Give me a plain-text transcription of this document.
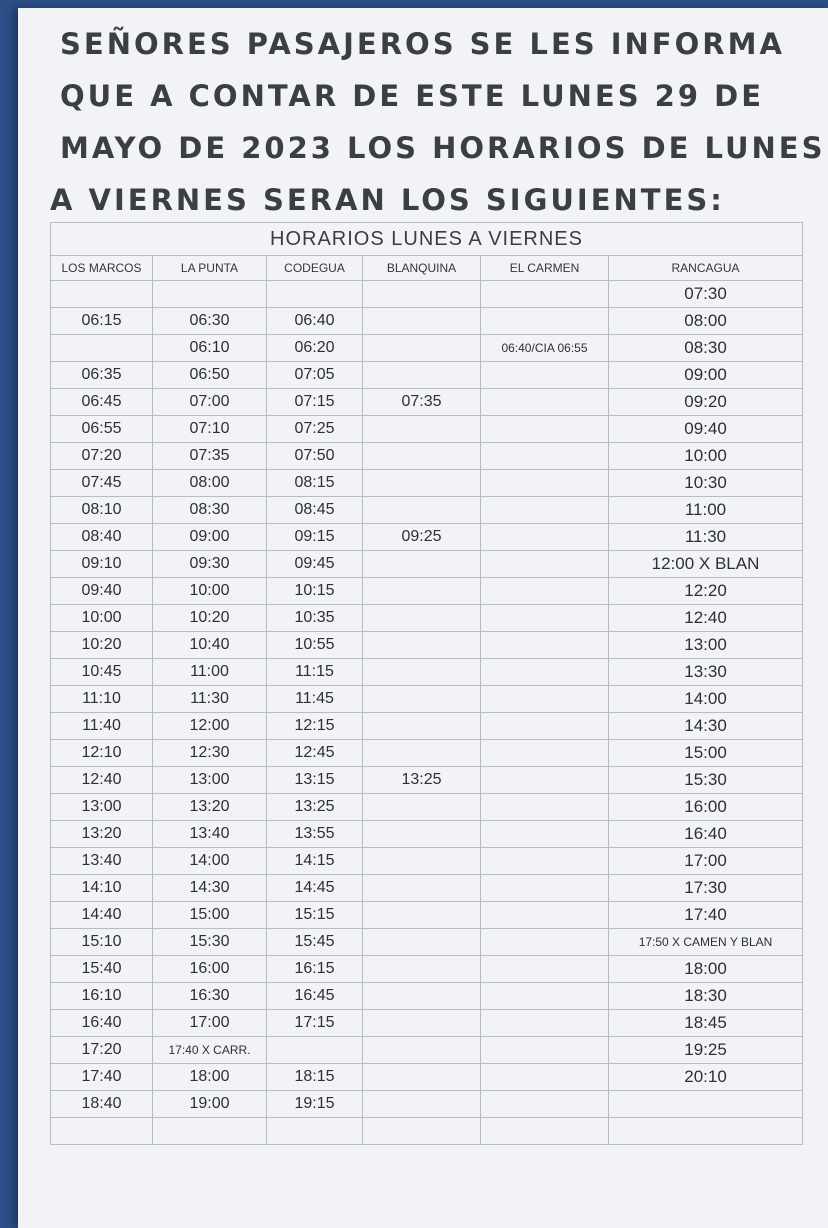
SEÑORES PASAJEROS SE LES INFORMA
QUE A CONTAR DE ESTE LUNES 29 DE
MAYO DE 2023 LOS HORARIOS DE LUNES
A VIERNES SERAN LOS SIGUIENTES:
HORARIOS LUNES A VIERNES					
LOS MARCOS	LA PUNTA	CODEGUA	BLANQUINA	EL CARMEN	RANCAGUA
					07:30
06:15	06:30	06:40			08:00
	06:10	06:20		06:40/CIA 06:55	08:30
06:35	06:50	07:05			09:00
06:45	07:00	07:15	07:35		09:20
06:55	07:10	07:25			09:40
07:20	07:35	07:50			10:00
07:45	08:00	08:15			10:30
08:10	08:30	08:45			11:00
08:40	09:00	09:15	09:25		11:30
09:10	09:30	09:45			12:00 X BLAN
09:40	10:00	10:15			12:20
10:00	10:20	10:35			12:40
10:20	10:40	10:55			13:00
10:45	11:00	11:15			13:30
11:10	11:30	11:45			14:00
11:40	12:00	12:15			14:30
12:10	12:30	12:45			15:00
12:40	13:00	13:15	13:25		15:30
13:00	13:20	13:25			16:00
13:20	13:40	13:55			16:40
13:40	14:00	14:15			17:00
14:10	14:30	14:45			17:30
14:40	15:00	15:15			17:40
15:10	15:30	15:45			17:50 X CAMEN Y BLAN
15:40	16:00	16:15			18:00
16:10	16:30	16:45			18:30
16:40	17:00	17:15			18:45
17:20	17:40 X CARR.				19:25
17:40	18:00	18:15			20:10
18:40	19:00	19:15			
